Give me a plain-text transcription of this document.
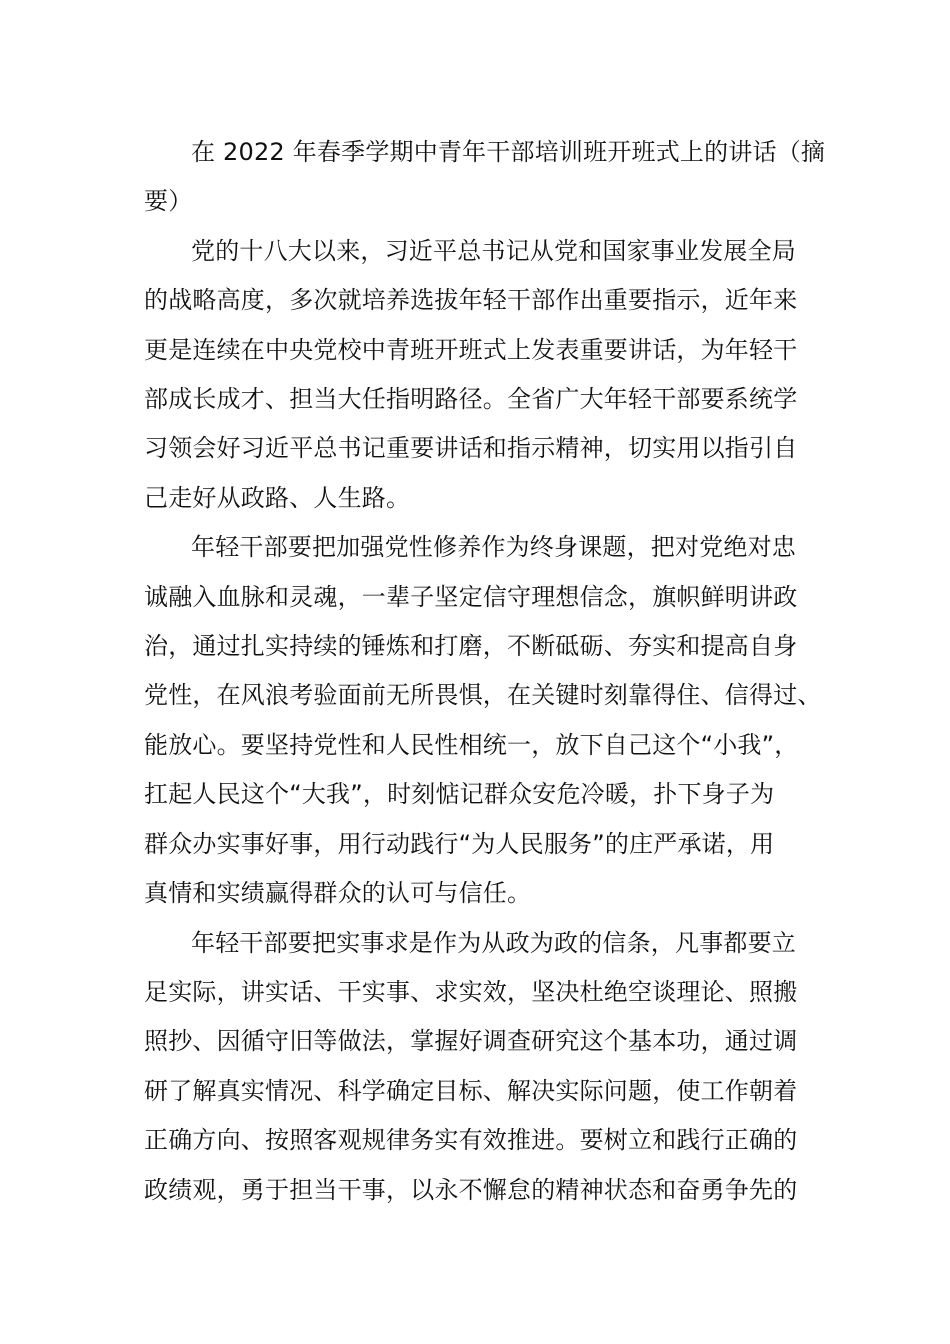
在 2022 年春季学期中青年干部培训班开班式上的讲话（摘
要）
党的十八大以来，习近平总书记从党和国家事业发展全局
的战略高度，多次就培养选拔年轻干部作出重要指示，近年来
更是连续在中央党校中青班开班式上发表重要讲话，为年轻干
部成长成才、担当大任指明路径。全省广大年轻干部要系统学
习领会好习近平总书记重要讲话和指示精神，切实用以指引自
己走好从政路、人生路。
年轻干部要把加强党性修养作为终身课题，把对党绝对忠
诚融入血脉和灵魂，一辈子坚定信守理想信念，旗帜鲜明讲政
治，通过扎实持续的锤炼和打磨，不断砥砺、夯实和提高自身
党性，在风浪考验面前无所畏惧，在关键时刻靠得住、信得过、
能放心。要坚持党性和人民性相统一，放下自己这个“小我”，
扛起人民这个“大我”，时刻惦记群众安危冷暖，扑下身子为
群众办实事好事，用行动践行“为人民服务”的庄严承诺，用
真情和实绩赢得群众的认可与信任。
年轻干部要把实事求是作为从政为政的信条，凡事都要立
足实际，讲实话、干实事、求实效，坚决杜绝空谈理论、照搬
照抄、因循守旧等做法，掌握好调查研究这个基本功，通过调
研了解真实情况、科学确定目标、解决实际问题，使工作朝着
正确方向、按照客观规律务实有效推进。要树立和践行正确的
政绩观，勇于担当干事，以永不懈怠的精神状态和奋勇争先的
